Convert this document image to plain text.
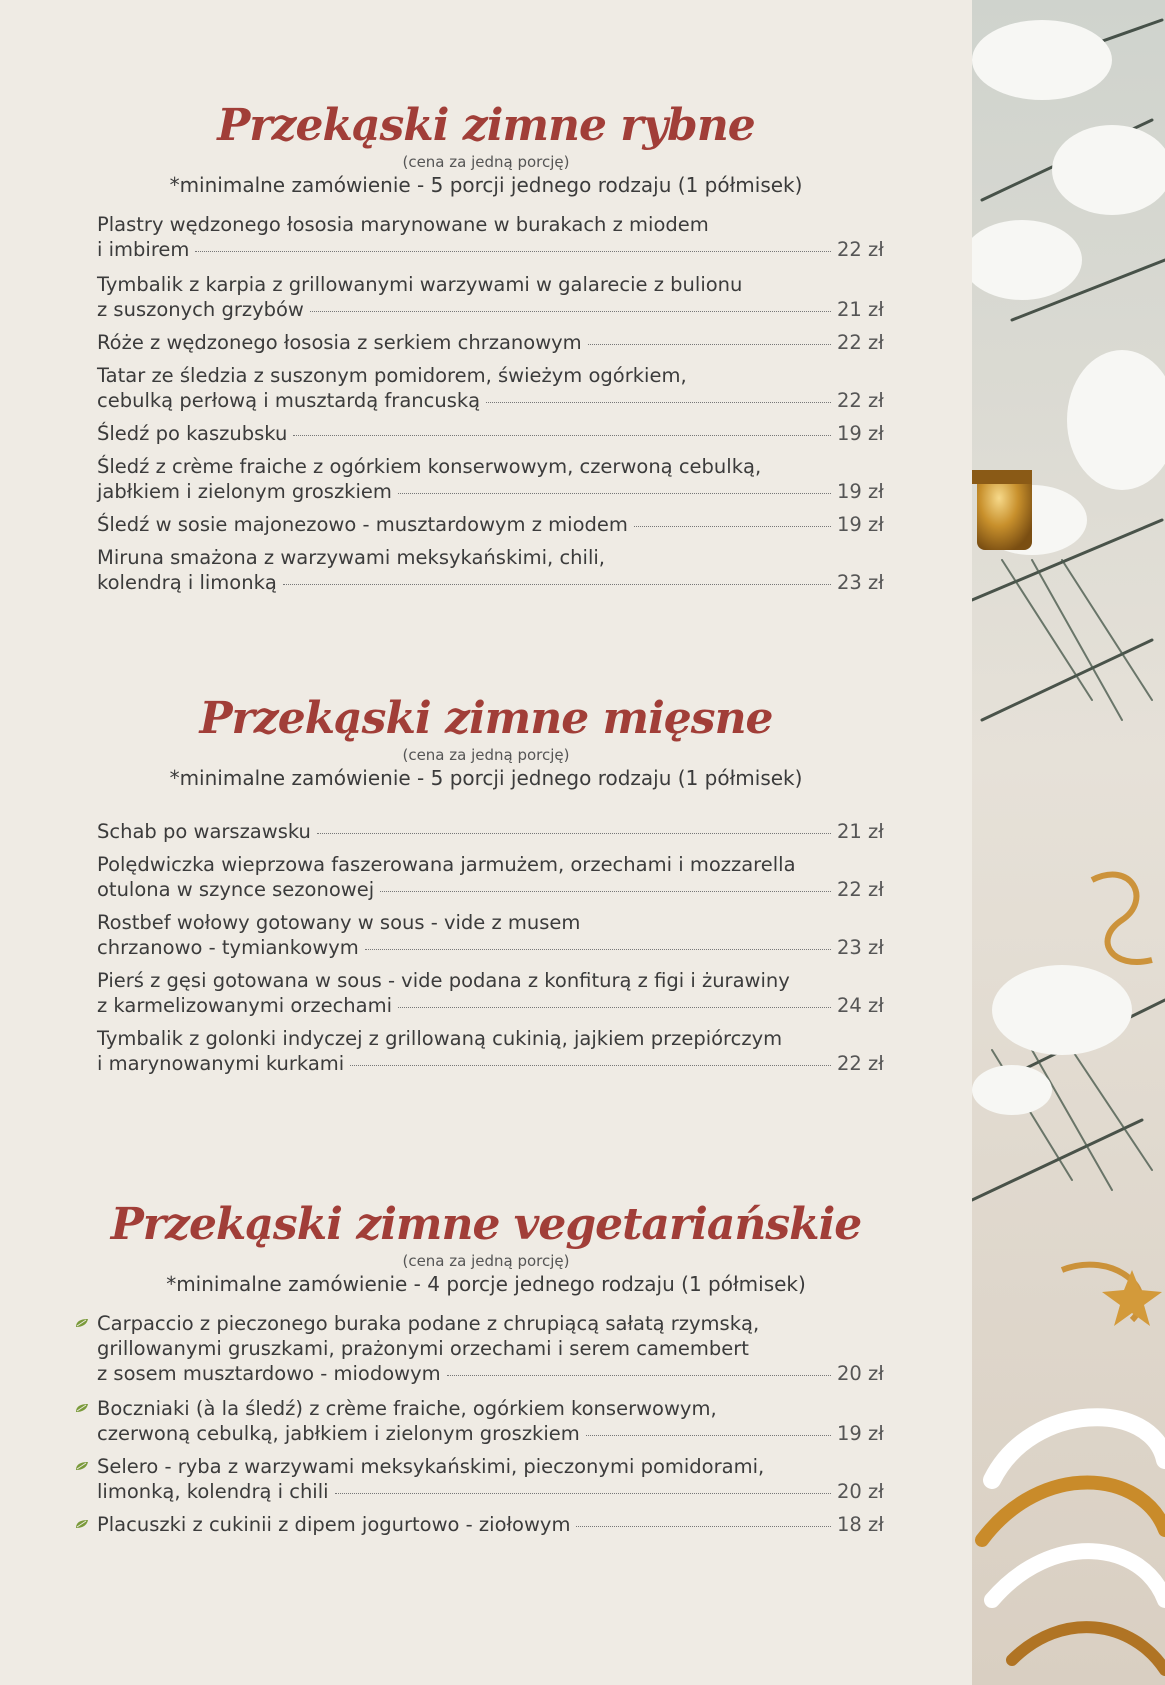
Przekąski zimne rybne

(cena za jedną porcję)

*minimalne zamówienie - 5 porcji jednego rodzaju (1 półmisek)

Plastry wędzonego łososia marynowane w burakach z miodem
i imbirem	22 zł
Tymbalik z karpia z grillowanymi warzywami w galarecie z bulionu
z suszonych grzybów	21 zł
Róże z wędzonego łososia z serkiem chrzanowym	22 zł
Tatar ze śledzia z suszonym pomidorem, świeżym ogórkiem,
cebulką perłową i musztardą francuską	22 zł
Śledź po kaszubsku	19 zł
Śledź z crème fraiche z ogórkiem konserwowym, czerwoną cebulką,
jabłkiem i zielonym groszkiem	19 zł
Śledź w sosie majonezowo - musztardowym z miodem	19 zł
Miruna smażona z warzywami meksykańskimi, chili,
kolendrą i limonką	23 zł
Przekąski zimne mięsne

(cena za jedną porcję)

*minimalne zamówienie - 5 porcji jednego rodzaju (1 półmisek)

Schab po warszawsku	21 zł
Polędwiczka wieprzowa faszerowana jarmużem, orzechami i mozzarella
otulona w szynce sezonowej	22 zł
Rostbef wołowy gotowany w sous - vide z musem
chrzanowo - tymiankowym	23 zł
Pierś z gęsi gotowana w sous - vide podana z konfiturą z figi i żurawiny
z karmelizowanymi orzechami	24 zł
Tymbalik z golonki indyczej z grillowaną cukinią, jajkiem przepiórczym
i marynowanymi kurkami	22 zł
Przekąski zimne vegetariańskie

(cena za jedną porcję)

*minimalne zamówienie - 4 porcje jednego rodzaju (1 półmisek)

Carpaccio z pieczonego buraka podane z chrupiącą sałatą rzymską,
grillowanymi gruszkami, prażonymi orzechami i serem camembert
z sosem musztardowo - miodowym	20 zł
Boczniaki (à la śledź) z crème fraiche, ogórkiem konserwowym,
czerwoną cebulką, jabłkiem i zielonym groszkiem	19 zł
Selero - ryba z warzywami meksykańskimi, pieczonymi pomidorami,
limonką, kolendrą i chili	20 zł
Placuszki z cukinii z dipem jogurtowo - ziołowym	18 zł
